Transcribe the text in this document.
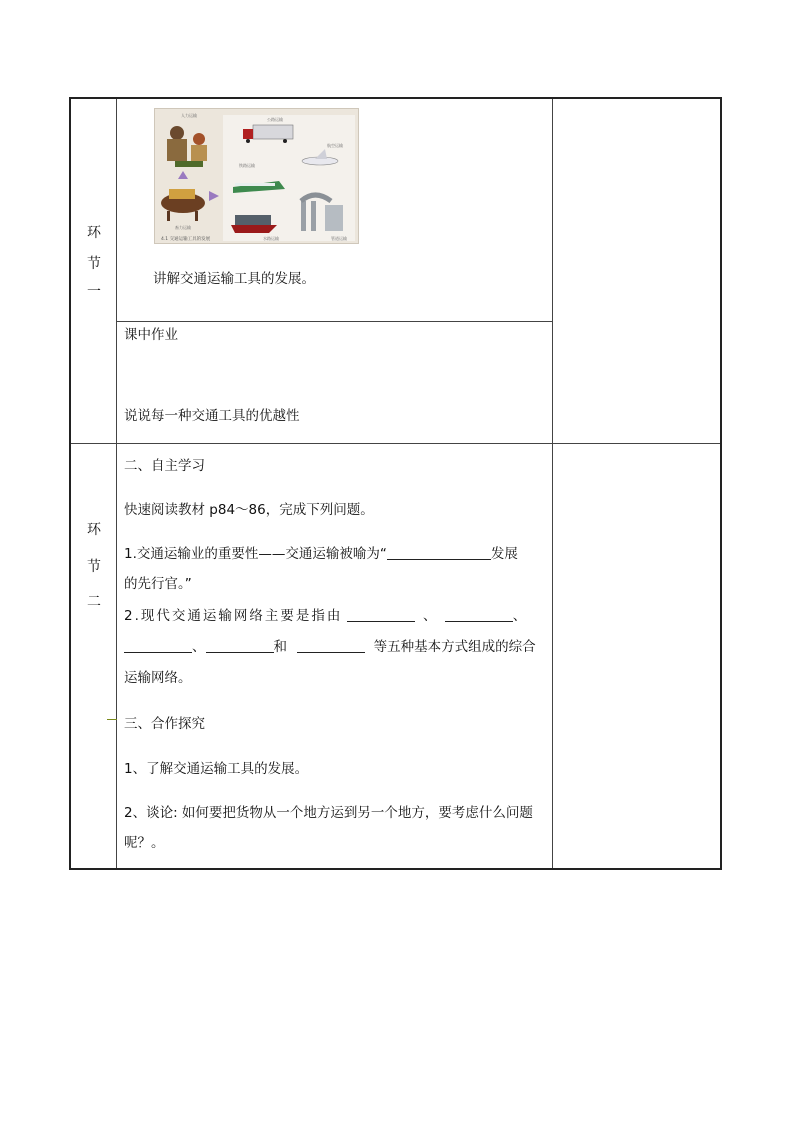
环
节
一
4.1 交通运输工具的发展
人力运输
公路运输
畜力运输
航空运输
铁路运输
水路运输	管道运输
讲解交通运输工具的发展。
课中作业
说说每一种交通工具的优越性
环
节
二
二、自主学习
快速阅读教材 p84～86，完成下列问题。
1.交通运输业的重要性——交通运输被喻为“	发展
的先行官。”
2.现代交通运输网络主要是指由	、	、
、	和	等五种基本方式组成的综合
运输网络。
三、合作探究
1、了解交通运输工具的发展。
2、谈论: 如何要把货物从一个地方运到另一个地方，要考虑什么问题
呢？。
